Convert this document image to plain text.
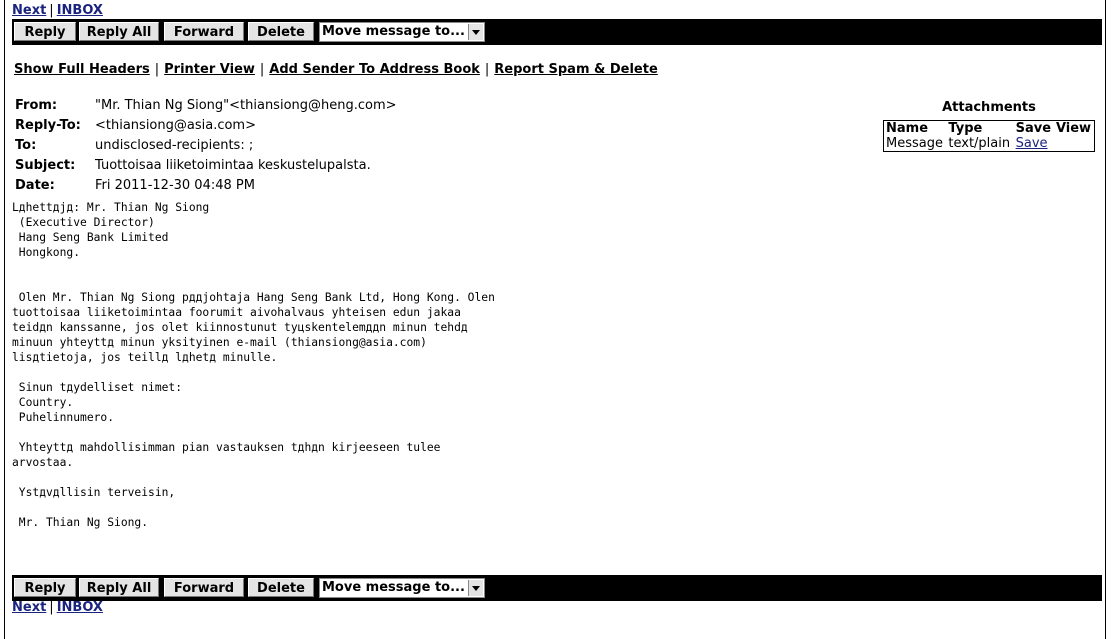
Next | INBOX
Reply	Reply All	Forward	Delete	Move message to...
Show Full Headers | Printer View | Add Sender To Address Book | Report Spam & Delete
From:	"Mr. Thian Ng Siong"<thiansiong@heng.com>
Reply-To:	<thiansiong@asia.com>
To:	undisclosed-recipients: ;
Subject:	Tuottoisaa liiketoimintaa keskustelupalsta.
Date:	Fri 2011-12-30 04:48 PM
Attachments
Name	Type	Save	View
Message	text/plain	Save	
Lдhettдjд: Mr. Thian Ng Siong
(Executive Director)
Hang Seng Bank Limited
Hongkong.

Olen Mr. Thian Ng Siong pддjohtaja Hang Seng Bank Ltd, Hong Kong. Olen
tuottoisaa liiketoimintaa foorumit aivohalvaus yhteisen edun jakaa
teidдn kanssanne, jos olet kiinnostunut tyцskentelemддn minun tehdд
minuun yhteyttд minun yksityinen e-mail (thiansiong@asia.com)
lisдtietoja, jos teillд lдhetд minulle.

Sinun tдydelliset nimet:
Country.
Puhelinnumero.

Yhteyttд mahdollisimman pian vastauksen tдhдn kirjeeseen tulee
arvostaa.

Ystдvдllisin terveisin,

Mr. Thian Ng Siong.
Reply	Reply All	Forward	Delete	Move message to...
Next | INBOX
